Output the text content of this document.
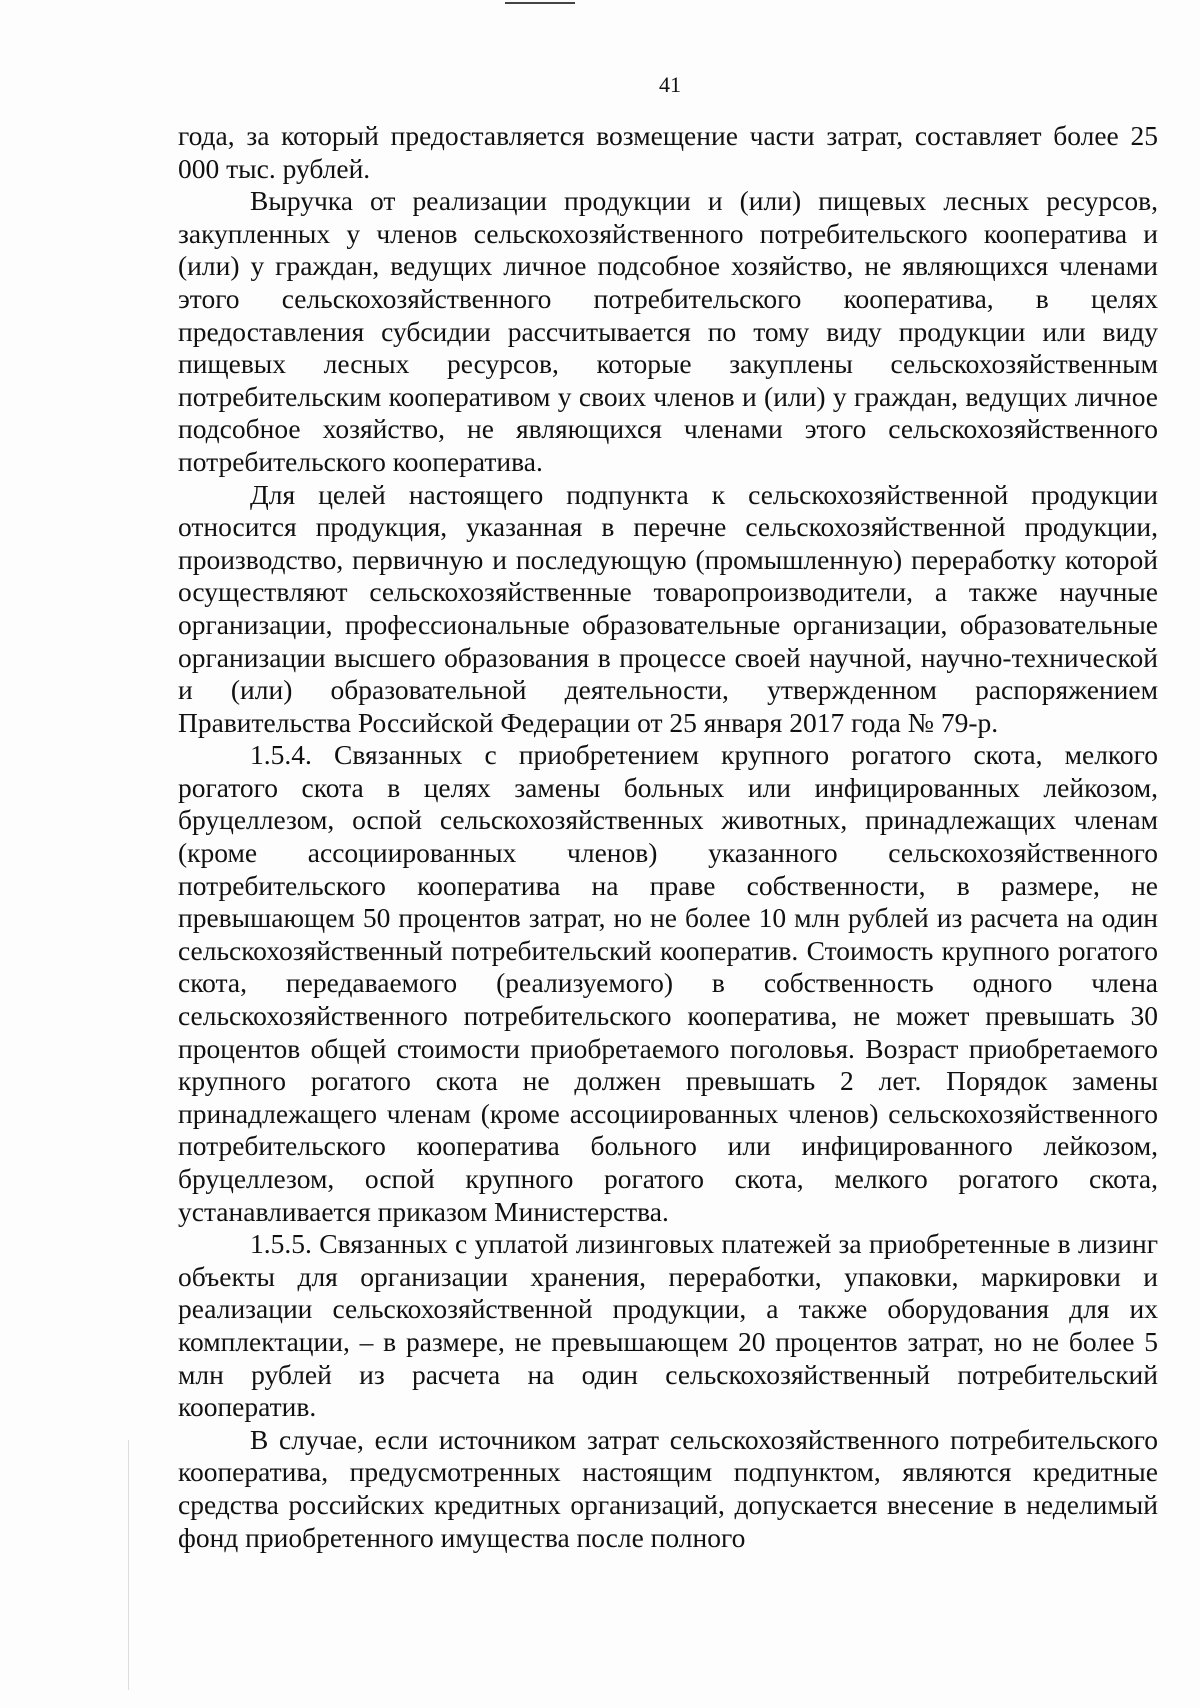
41

года, за который предоставляется возмещение части затрат, составляет более 25 000 тыс. рублей.

Выручка от реализации продукции и (или) пищевых лесных ресурсов, закупленных у членов сельскохозяйственного потребительского кооператива и (или) у граждан, ведущих личное подсобное хозяйство, не являющихся членами этого сельскохозяйственного потребительского кооператива, в целях предоставления субсидии рассчитывается по тому виду продукции или виду пищевых лесных ресурсов, которые закуплены сельскохозяйственным потребительским кооперативом у своих членов и (или) у граждан, ведущих личное подсобное хозяйство, не являющихся членами этого сельскохозяйственного потребительского кооператива.

Для целей настоящего подпункта к сельскохозяйственной продукции относится продукция, указанная в перечне сельскохозяйственной продукции, производство, первичную и последующую (промышленную) переработку которой осуществляют сельскохозяйственные товаропроизводители, а также научные организации, профессиональные образовательные организации, образовательные организации высшего образования в процессе своей научной, научно-технической и (или) образовательной деятельности, утвержденном распоряжением Правительства Российской Федерации от 25 января 2017 года № 79-р.

1.5.4. Связанных с приобретением крупного рогатого скота, мелкого рогатого скота в целях замены больных или инфицированных лейкозом, бруцеллезом, оспой сельскохозяйственных животных, принадлежащих членам (кроме ассоциированных членов) указанного сельскохозяйственного потребительского кооператива на праве собственности, в размере, не превышающем 50 процентов затрат, но не более 10 млн рублей из расчета на один сельскохозяйственный потребительский кооператив. Стоимость крупного рогатого скота, передаваемого (реализуемого) в собственность одного члена сельскохозяйственного потребительского кооператива, не может превышать 30 процентов общей стоимости приобретаемого поголовья. Возраст приобретаемого крупного рогатого скота не должен превышать 2 лет. Порядок замены принадлежащего членам (кроме ассоциированных членов) сельскохозяйственного потребительского кооператива больного или инфицированного лейкозом, бруцеллезом, оспой крупного рогатого скота, мелкого рогатого скота, устанавливается приказом Министерства.

1.5.5. Связанных с уплатой лизинговых платежей за приобретенные в лизинг объекты для организации хранения, переработки, упаковки, маркировки и реализации сельскохозяйственной продукции, а также оборудования для их комплектации, – в размере, не превышающем 20 процентов затрат, но не более 5 млн рублей из расчета на один сельскохозяйственный потребительский кооператив.

В случае, если источником затрат сельскохозяйственного потребительского кооператива, предусмотренных настоящим подпунктом, являются кредитные средства российских кредитных организаций, допускается внесение в неделимый фонд приобретенного имущества после полного
